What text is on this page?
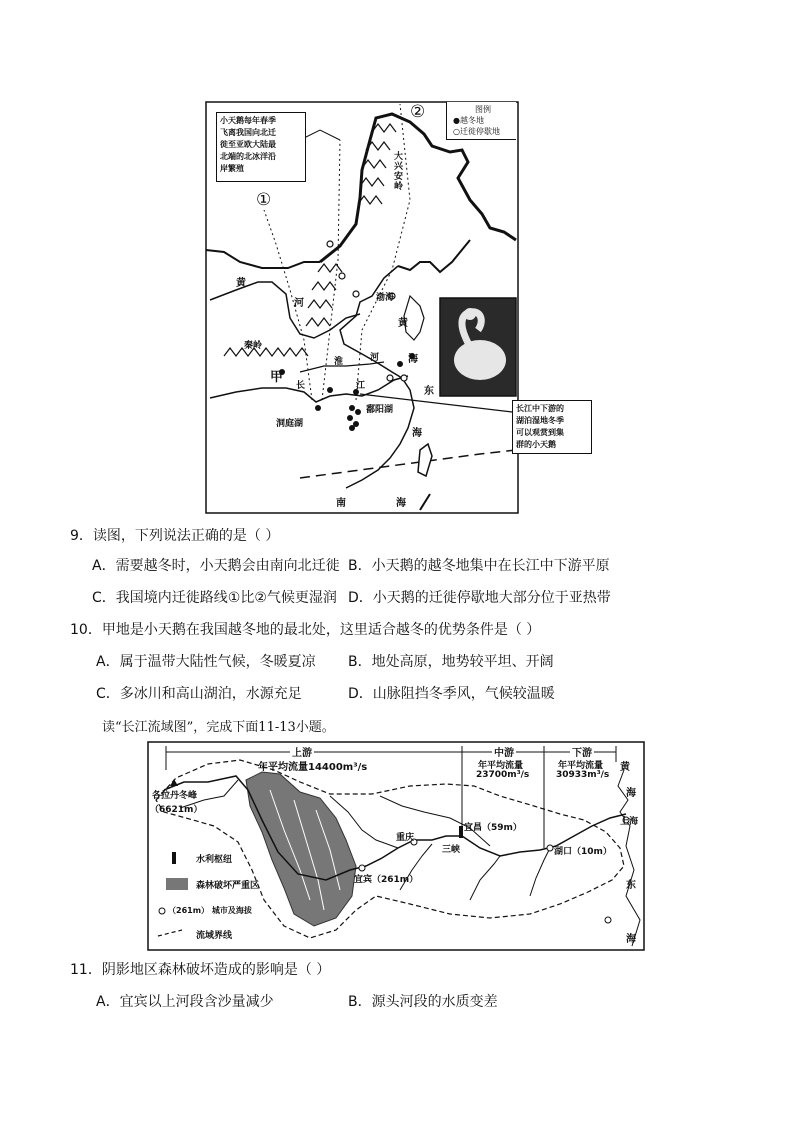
小天鹅每年春季
飞离我国向北迁
徙至亚欧大陆最
北端的北冰洋沿
岸繁殖
图例
●越冬地
○迁徙停歇地
①
②
大
兴
安
岭
黄
河	渤海
黄
秦岭
淮	河
甲
长	江
海
东
鄱阳湖
洞庭湖
海
南	海
长江中下游的
湖泊湿地冬季
可以观赏到集
群的小天鹅
9．读图，下列说法正确的是（ ）
A．需要越冬时，小天鹅会由南向北迁徙 B．小天鹅的越冬地集中在长江中下游平原
C．我国境内迁徙路线①比②气候更湿润 D．小天鹅的迁徙停歇地大部分位于亚热带
10．甲地是小天鹅在我国越冬地的最北处，这里适合越冬的优势条件是（ ）
A．属于温带大陆性气候，冬暖夏凉 B．地处高原，地势较平坦、开阔
C．多冰川和高山湖泊，水源充足	D．山脉阻挡冬季风，气候较温暖
读“长江流域图”，完成下面11-13小题。
上游
年平均流量14400m³/s
中游
年平均流量
23700m³/s
下游
年平均流量
30933m³/s
黄
海
上海
东
海
各拉丹冬峰
（6621m）
宜昌（59m）
三峡
重庆
湖口（10m）
宜宾（261m）
水利枢纽
森林破坏严重区
（261m） 城市及海拔
流域界线
11．阴影地区森林破坏造成的影响是（ ）
A．宜宾以上河段含沙量减少	B．源头河段的水质变差
